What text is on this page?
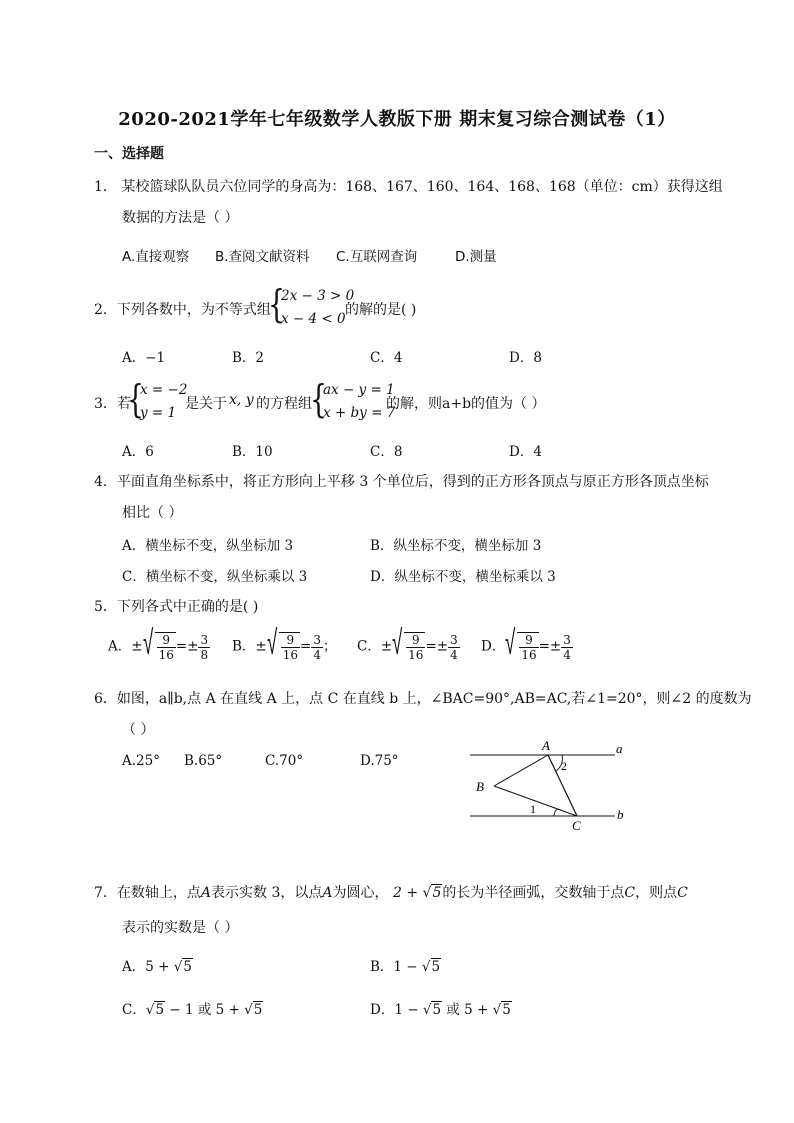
2020-2021学年七年级数学人教版下册 期末复习综合测试卷（1）
一、选择题
1． 某校篮球队队员六位同学的身高为：168、167、160、164、168、168（单位：cm）获得这组
数据的方法是（ ）
A.直接观察 B.查阅文献资料 C.互联网查询	D.测量
2．下列各数中，为不等式组
{
2x − 3 > 0
x − 4 < 0
的解的是( )
A．−1	B．2	C．4	D．8
3．若
{
x = −2
y = 1
是关于 x, y 的方程组
{
ax − y = 1
x + by = 7
的解，则a+b的值为（ ）
A．6	B．10	C．8	D．4
4．平面直角坐标系中，将正方形向上平移 3 个单位后，得到的正方形各顶点与原正方形各顶点坐标
相比（ ）
A．横坐标不变，纵坐标加 3	B．纵坐标不变，横坐标加 3
C．横坐标不变，纵坐标乘以 3	D．纵坐标不变，横坐标乘以 3
5．下列各式中正确的是( )
A．± √ $\frac{9}{16} =\pm \frac{3}{8}$ B．± √ $\frac{9}{16} = \frac{3}{4}$ ； C．± √ $\frac{9}{16} =\pm \frac{3}{4}$ D． √ $\frac{9}{16} =\pm \frac{3}{4}$
6．如图，a∥b,点 A 在直线 A 上，点 C 在直线 b 上，∠BAC=90°,AB=AC,若∠1=20°，则∠2 的度数为
（ ）
A.25° B.65°	C.70°	D.75°
A
B
C
a
b
1
2
7．在数轴上，点A表示实数 3，以点A为圆心， 2 + √5的长为半径画弧，交数轴于点C，则点C
表示的实数是（ ）
A．5 + √5	B．1 − √5
C．√5 − 1 或 5 + √5	D．1 − √5 或 5 + √5
